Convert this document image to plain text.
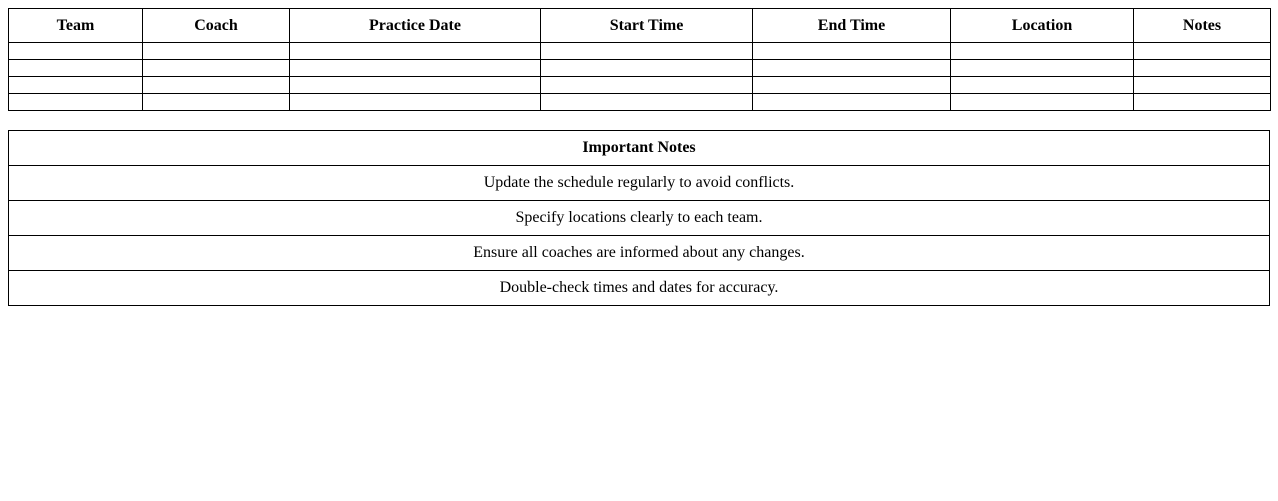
Team	Coach	Practice Date	Start Time	End Time	Location	Notes

Important Notes
Update the schedule regularly to avoid conflicts.
Specify locations clearly to each team.
Ensure all coaches are informed about any changes.
Double-check times and dates for accuracy.
